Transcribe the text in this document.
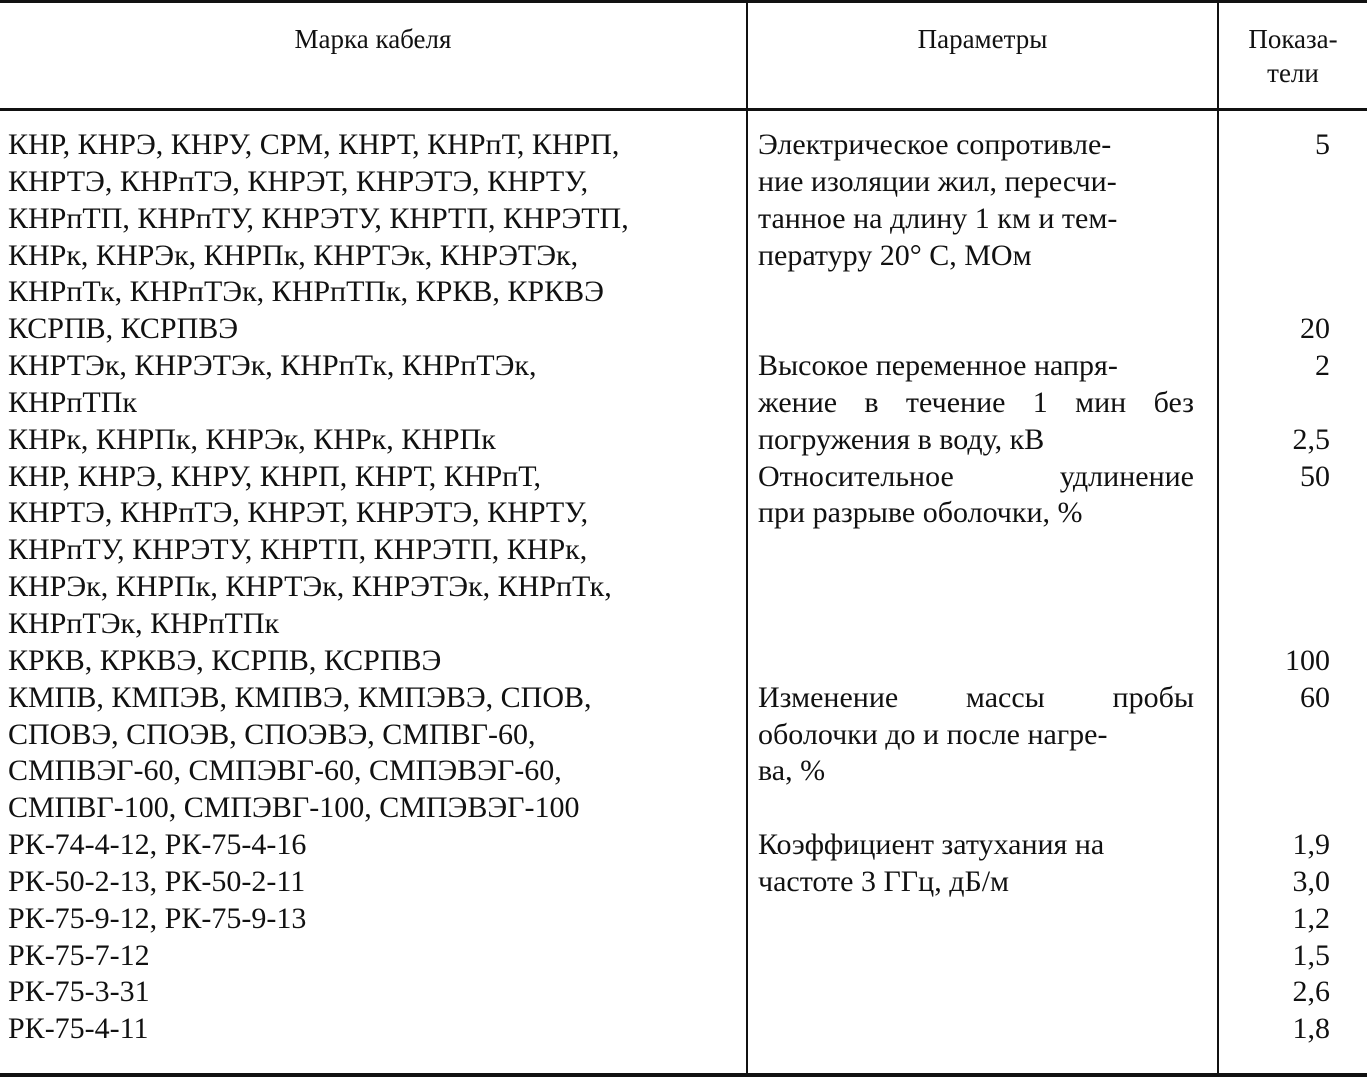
Марка кабеля	Параметры	Показа-
тели
КНР, КНРЭ, КНРУ, СРМ, КНРТ, КНРпТ, КНРП,
КНРТЭ, КНРпТЭ, КНРЭТ, КНРЭТЭ, КНРТУ,
КНРпТП, КНРпТУ, КНРЭТУ, КНРТП, КНРЭТП,
КНРк, КНРЭк, КНРПк, КНРТЭк, КНРЭТЭк,
КНРпТк, КНРпТЭк, КНРпТПк, КРКВ, КРКВЭ
КСРПВ, КСРПВЭ
КНРТЭк, КНРЭТЭк, КНРпТк, КНРпТЭк,
КНРпТПк
КНРк, КНРПк, КНРЭк, КНРк, КНРПк
КНР, КНРЭ, КНРУ, КНРП, КНРТ, КНРпТ,
КНРТЭ, КНРпТЭ, КНРЭТ, КНРЭТЭ, КНРТУ,
КНРпТУ, КНРЭТУ, КНРТП, КНРЭТП, КНРк,
КНРЭк, КНРПк, КНРТЭк, КНРЭТЭк, КНРпТк,
КНРпТЭк, КНРпТПк
КРКВ, КРКВЭ, КСРПВ, КСРПВЭ
КМПВ, КМПЭВ, КМПВЭ, КМПЭВЭ, СПОВ,
СПОВЭ, СПОЭВ, СПОЭВЭ, СМПВГ-60,
СМПВЭГ-60, СМПЭВГ-60, СМПЭВЭГ-60,
СМПВГ-100, СМПЭВГ-100, СМПЭВЭГ-100
РК-74-4-12, РК-75-4-16
РК-50-2-13, РК-50-2-11
РК-75-9-12, РК-75-9-13
РК-75-7-12
РК-75-3-31
РК-75-4-11
Электрическое сопротивле-
ние изоляции жил, пересчи-
танное на длину 1 км и тем-
пературу 20° С, МОм
Высокое переменное напря-
жение в течение 1 мин без
погружения в воду, кВ
Относительное удлинение
при разрыве оболочки, %
Изменение массы пробы
оболочки до и после нагре-
ва, %
Коэффициент затухания на
частоте 3 ГГц, дБ/м
5
20
2
2,5
50
100
60
1,9
3,0
1,2
1,5
2,6
1,8
